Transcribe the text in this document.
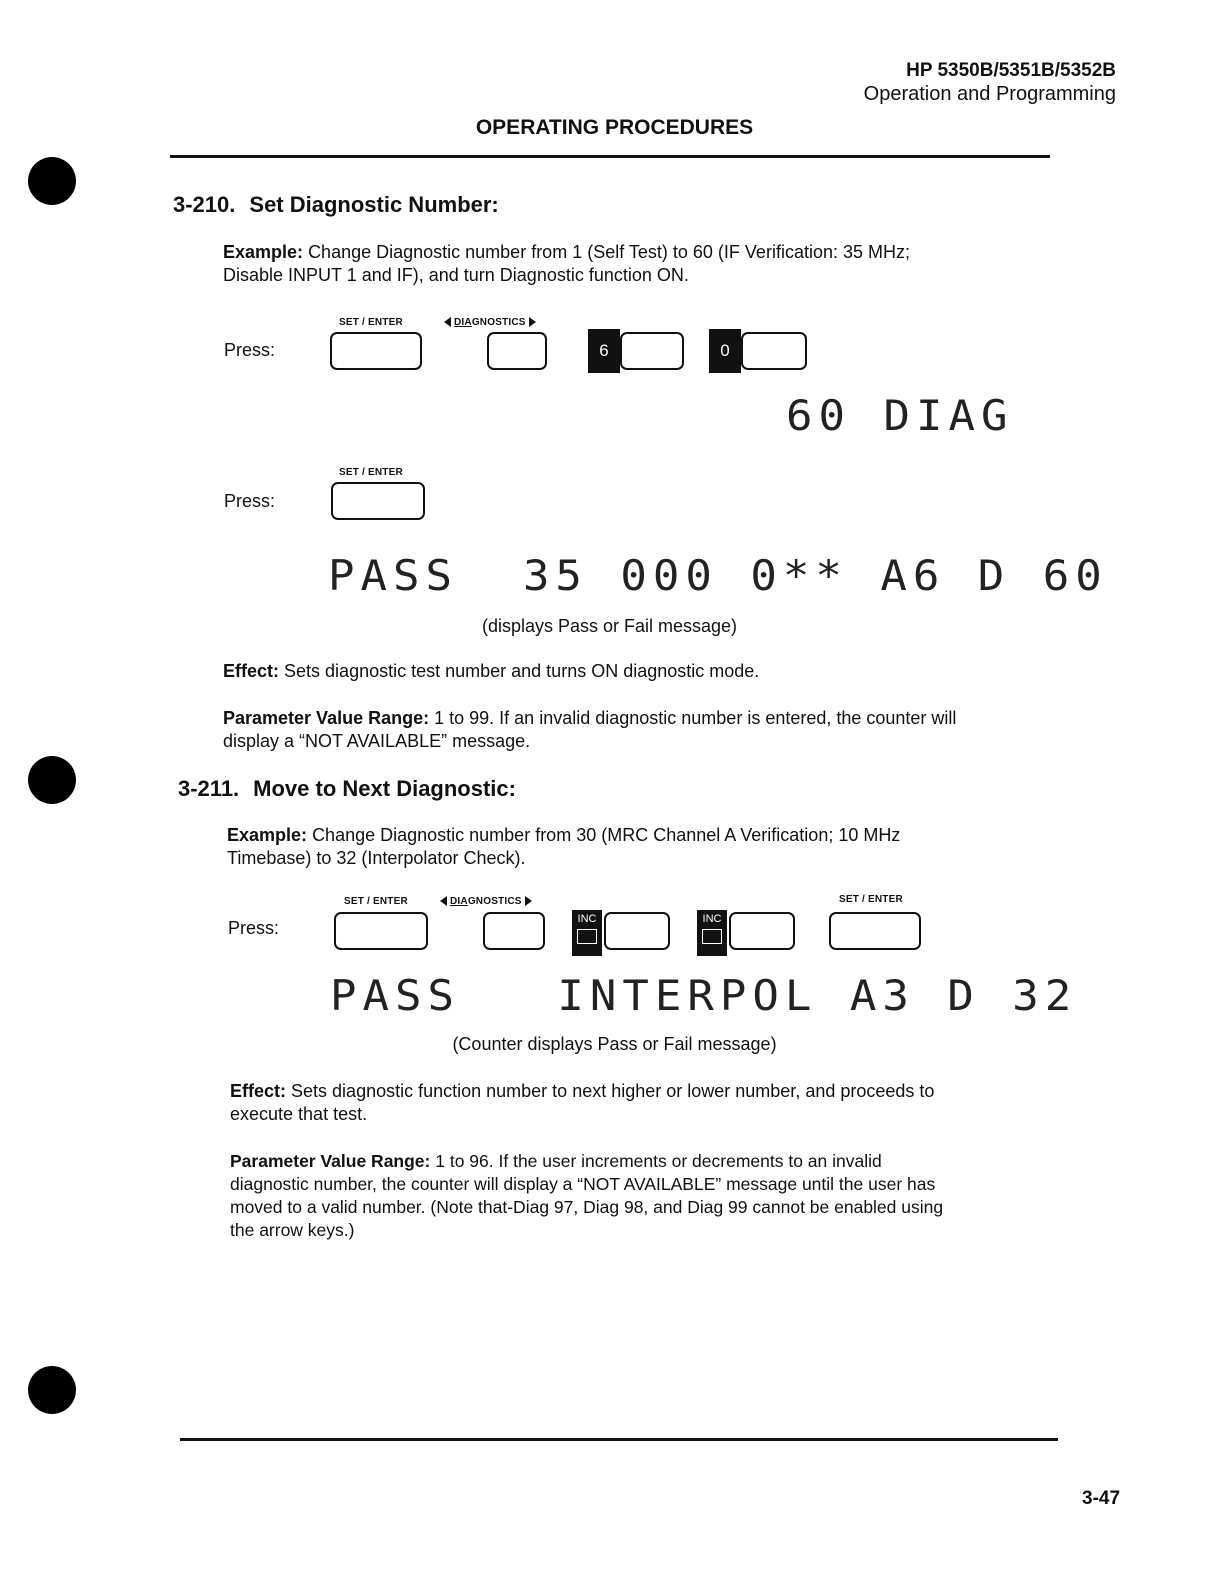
HP 5350B/5351B/5352B
Operation and Programming
OPERATING PROCEDURES
3-210. Set Diagnostic Number:
Example: Change Diagnostic number from 1 (Self Test) to 60 (IF Verification: 35 MHz;
Disable INPUT 1 and IF), and turn Diagnostic function ON.
Press:
SET / ENTER	DIAGNOSTICS
6	0
60 DIAG
Press:
SET / ENTER
PASS  35 000 0** A6 D 60
(displays Pass or Fail message)
Effect: Sets diagnostic test number and turns ON diagnostic mode.
Parameter Value Range: 1 to 99. If an invalid diagnostic number is entered, the counter will
display a “NOT AVAILABLE” message.
3-211. Move to Next Diagnostic:
Example: Change Diagnostic number from 30 (MRC Channel A Verification; 10 MHz
Timebase) to 32 (Interpolator Check).
Press:
SET / ENTER	DIAGNOSTICS
INC	INC

SET / ENTER
PASS   INTERPOL A3 D 32
(Counter displays Pass or Fail message)
Effect: Sets diagnostic function number to next higher or lower number, and proceeds to
execute that test.
Parameter Value Range: 1 to 96. If the user increments or decrements to an invalid
diagnostic number, the counter will display a “NOT AVAILABLE” message until the user has
moved to a valid number. (Note that-Diag 97, Diag 98, and Diag 99 cannot be enabled using
the arrow keys.)
3-47
